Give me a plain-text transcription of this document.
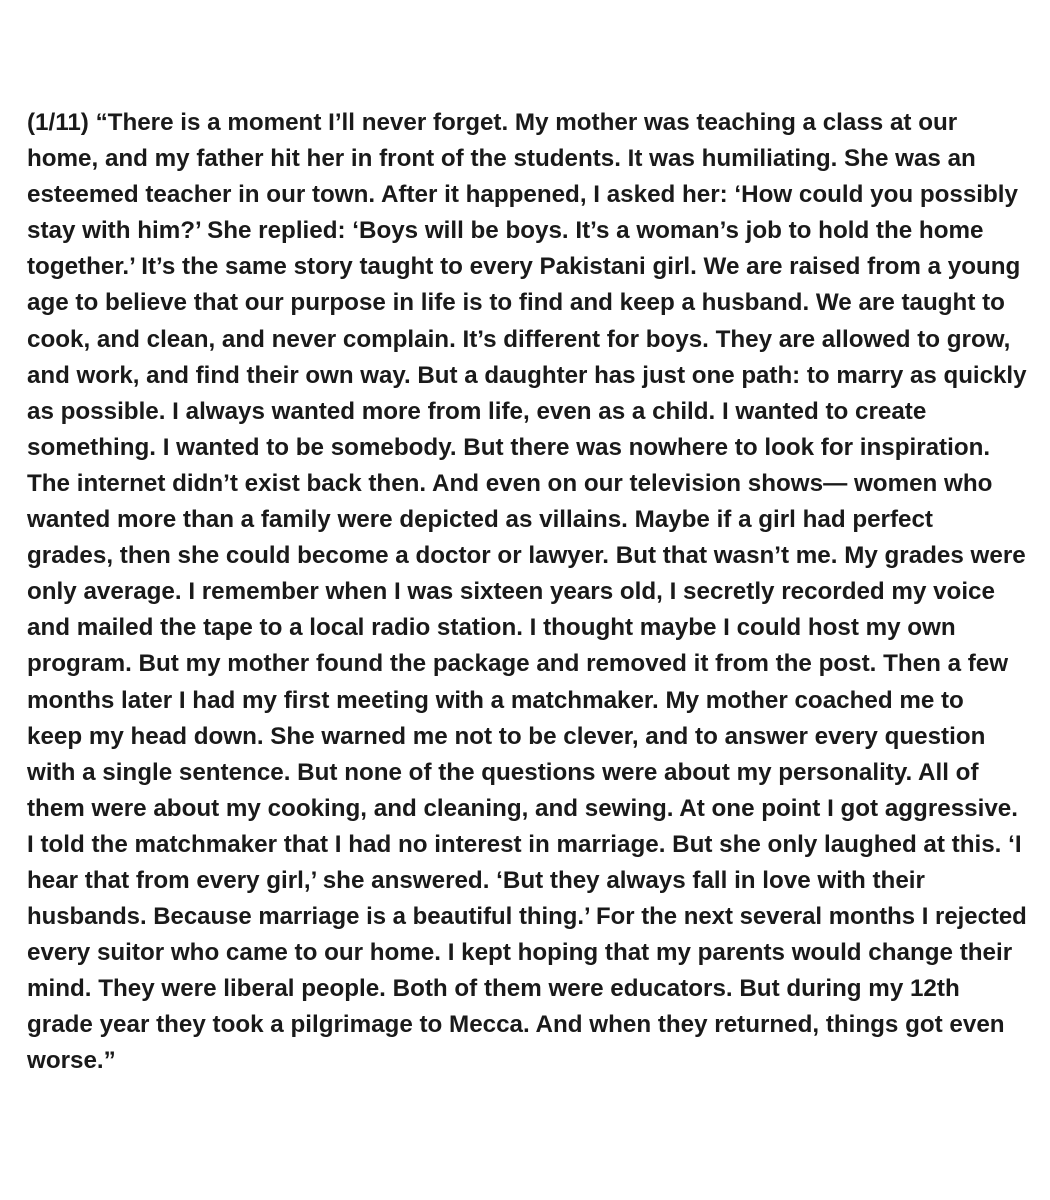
(1/11) “There is a moment I’ll never forget. My mother was teaching a class at our
home, and my father hit her in front of the students. It was humiliating. She was an
esteemed teacher in our town. After it happened, I asked her: ‘How could you possibly
stay with him?’ She replied: ‘Boys will be boys. It’s a woman’s job to hold the home
together.’ It’s the same story taught to every Pakistani girl. We are raised from a young
age to believe that our purpose in life is to find and keep a husband. We are taught to
cook, and clean, and never complain. It’s different for boys. They are allowed to grow,
and work, and find their own way. But a daughter has just one path: to marry as quickly

as possible. I always wanted more from life, even as a child. I wanted to create
something. I wanted to be somebody. But there was nowhere to look for inspiration.
The internet didn’t exist back then. And even on our television shows— women who
wanted more than a family were depicted as villains. Maybe if a girl had perfect
grades, then she could become a doctor or lawyer. But that wasn’t me. My grades were
only average. I remember when I was sixteen years old, I secretly recorded my voice
and mailed the tape to a local radio station. I thought maybe I could host my own
program. But my mother found the package and removed it from the post. Then a few
months later I had my first meeting with a matchmaker. My mother coached me to
keep my head down. She warned me not to be clever, and to answer every question
with a single sentence. But none of the questions were about my personality. All of
them were about my cooking, and cleaning, and sewing. At one point I got aggressive.
I told the matchmaker that I had no interest in marriage. But she only laughed at this. ‘I
hear that from every girl,’ she answered. ‘But they always fall in love with their
husbands. Because marriage is a beautiful thing.’ For the next several months I rejected

every suitor who came to our home. I kept hoping that my parents would change their
mind. They were liberal people. Both of them were educators. But during my 12th
grade year they took a pilgrimage to Mecca. And when they returned, things got even
worse.”
